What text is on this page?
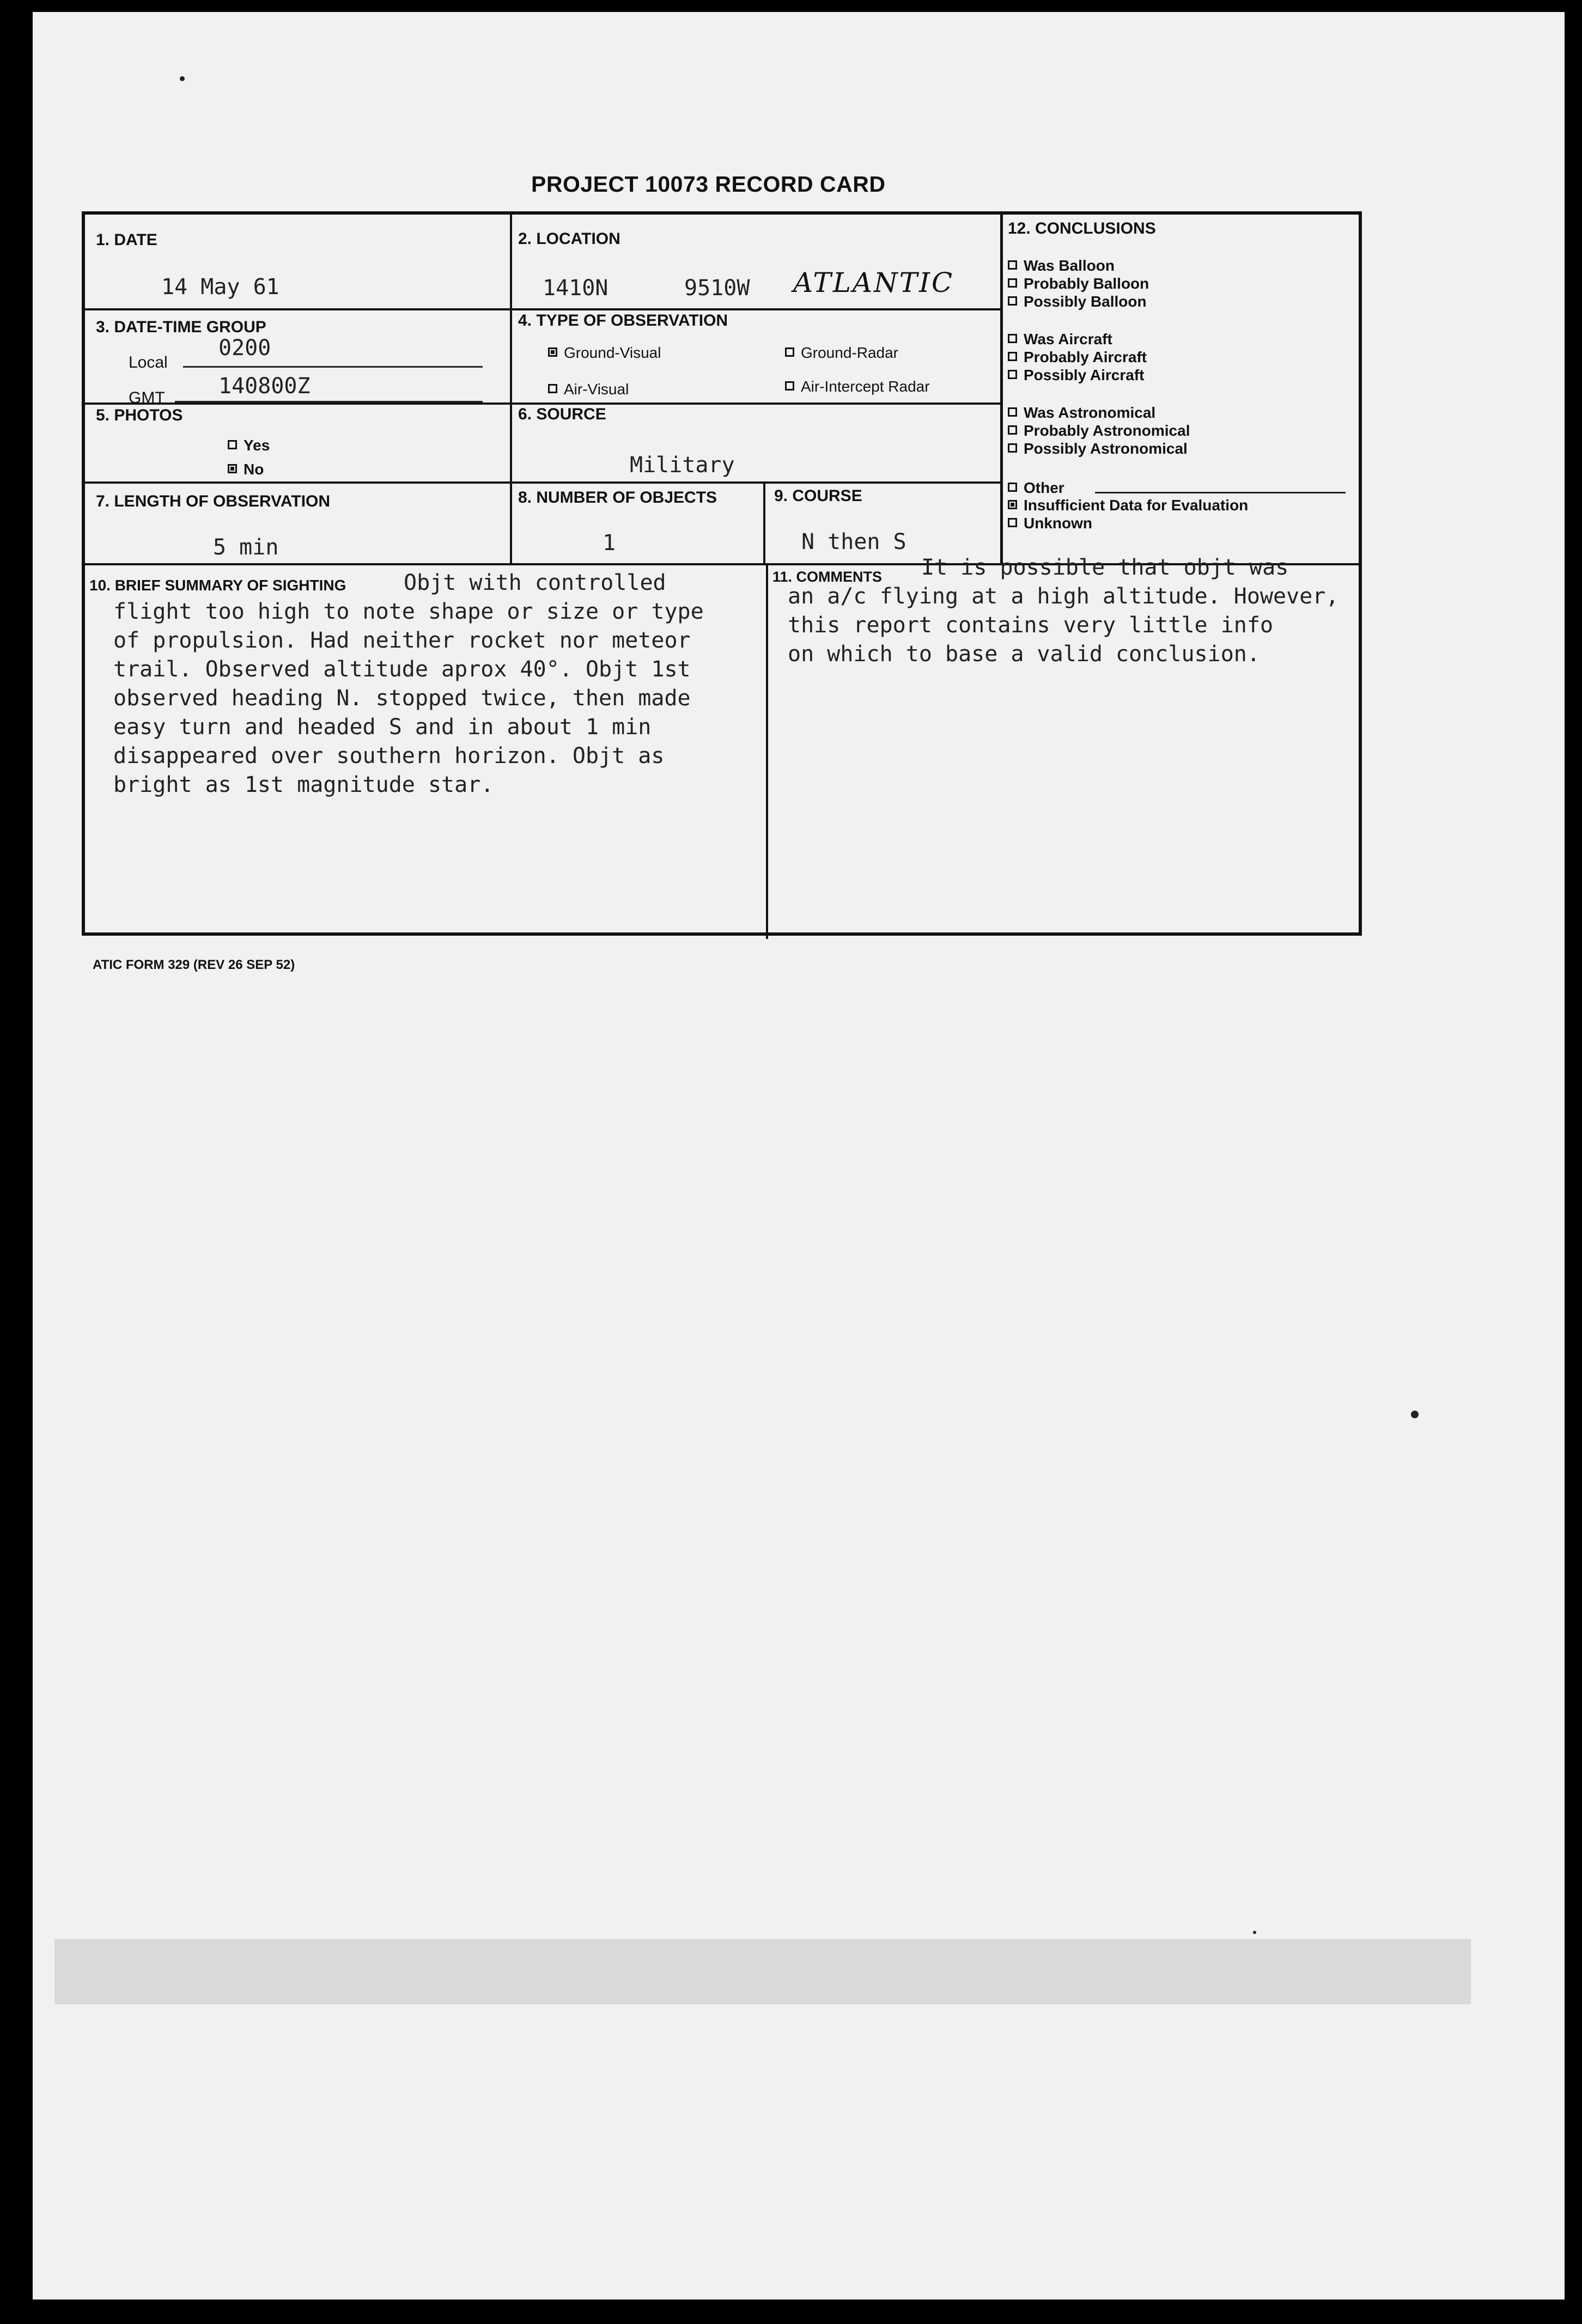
PROJECT 10073 RECORD CARD
1. DATE
14 May 61
2. LOCATION
1410N	9510W ATLANTIC
3. DATE-TIME GROUP
Local
0200
GMT 140800Z
4. TYPE OF OBSERVATION
Ground-Visual	Ground-Radar
Air-Visual	Air-Intercept Radar
5. PHOTOS
Yes
No
6. SOURCE
Military
7. LENGTH OF OBSERVATION
5 min
8. NUMBER OF OBJECTS
1
9. COURSE
N then S
10. BRIEF SUMMARY OF SIGHTING	Objt with controlled
flight too high to note shape or size or type
of propulsion. Had neither rocket nor meteor
trail. Observed altitude aprox 40°. Objt 1st
observed heading N. stopped twice, then made
easy turn and headed S and in about 1 min
disappeared over southern horizon. Objt as
bright as 1st magnitude star.
11. COMMENTS It is possible that objt was
an a/c flying at a high altitude. However,
this report contains very little info
on which to base a valid conclusion.
12. CONCLUSIONS
Was Balloon
Probably Balloon
Possibly Balloon
Was Aircraft
Probably Aircraft
Possibly Aircraft
Was Astronomical
Probably Astronomical
Possibly Astronomical
Other
Insufficient Data for Evaluation
Unknown
ATIC FORM 329 (REV 26 SEP 52)
